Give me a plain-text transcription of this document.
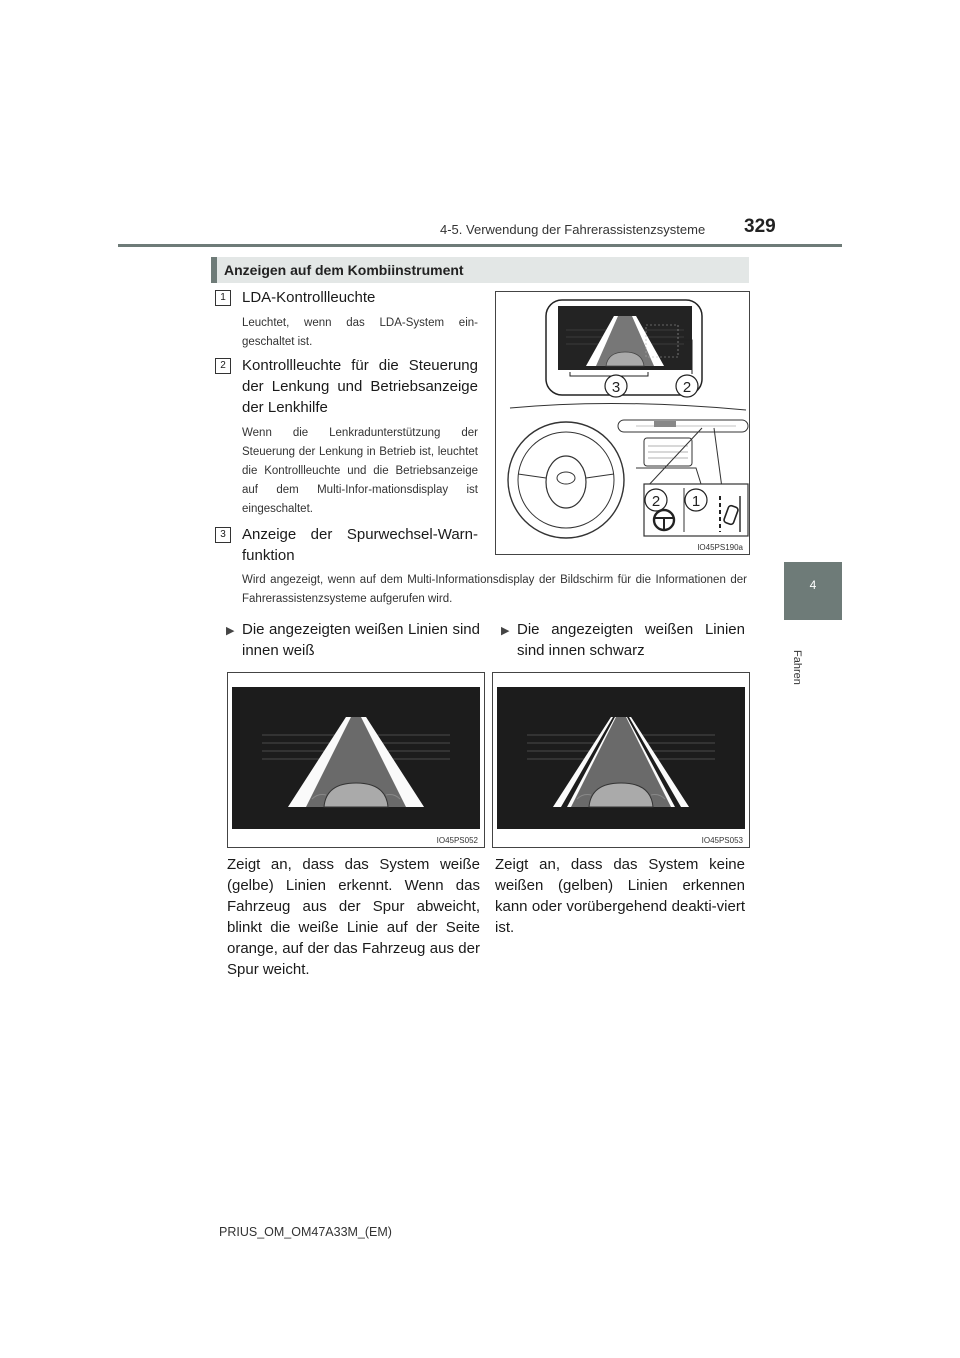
4-5. Verwendung der Fahrerassistenzsysteme 329
4
Fahren
Anzeigen auf dem Kombiinstrument
1	LDA-Kontrollleuchte
Leuchtet, wenn das LDA-System ein-geschaltet ist.
2	Kontrollleuchte für die Steuerung der Lenkung und Betriebsanzeige der Lenkhilfe
Wenn die Lenkradunterstützung der Steuerung der Lenkung in Betrieb ist, leuchtet die Kontrollleuchte und die Betriebsanzeige auf dem Multi-Infor-mationsdisplay ist eingeschaltet.
3	Anzeige der Spurwechsel-Warn-funktion
Wird angezeigt, wenn auf dem Multi-Informationsdisplay der Bildschirm für die Informationen der Fahrerassistenzsysteme aufgerufen wird.
3	2
2 1
IO45PS190a
▶ Die angezeigten weißen Linien sind innen weiß
▶ Die angezeigten weißen Linien sind innen schwarz
IO45PS052	IO45PS053
Zeigt an, dass das System weiße (gelbe) Linien erkennt. Wenn das Fahrzeug aus der Spur abweicht, blinkt die weiße Linie auf der Seite orange, auf der das Fahrzeug aus der Spur weicht.
Zeigt an, dass das System keine weißen (gelben) Linien erkennen kann oder vorübergehend deakti-viert ist.
PRIUS_OM_OM47A33M_(EM)
